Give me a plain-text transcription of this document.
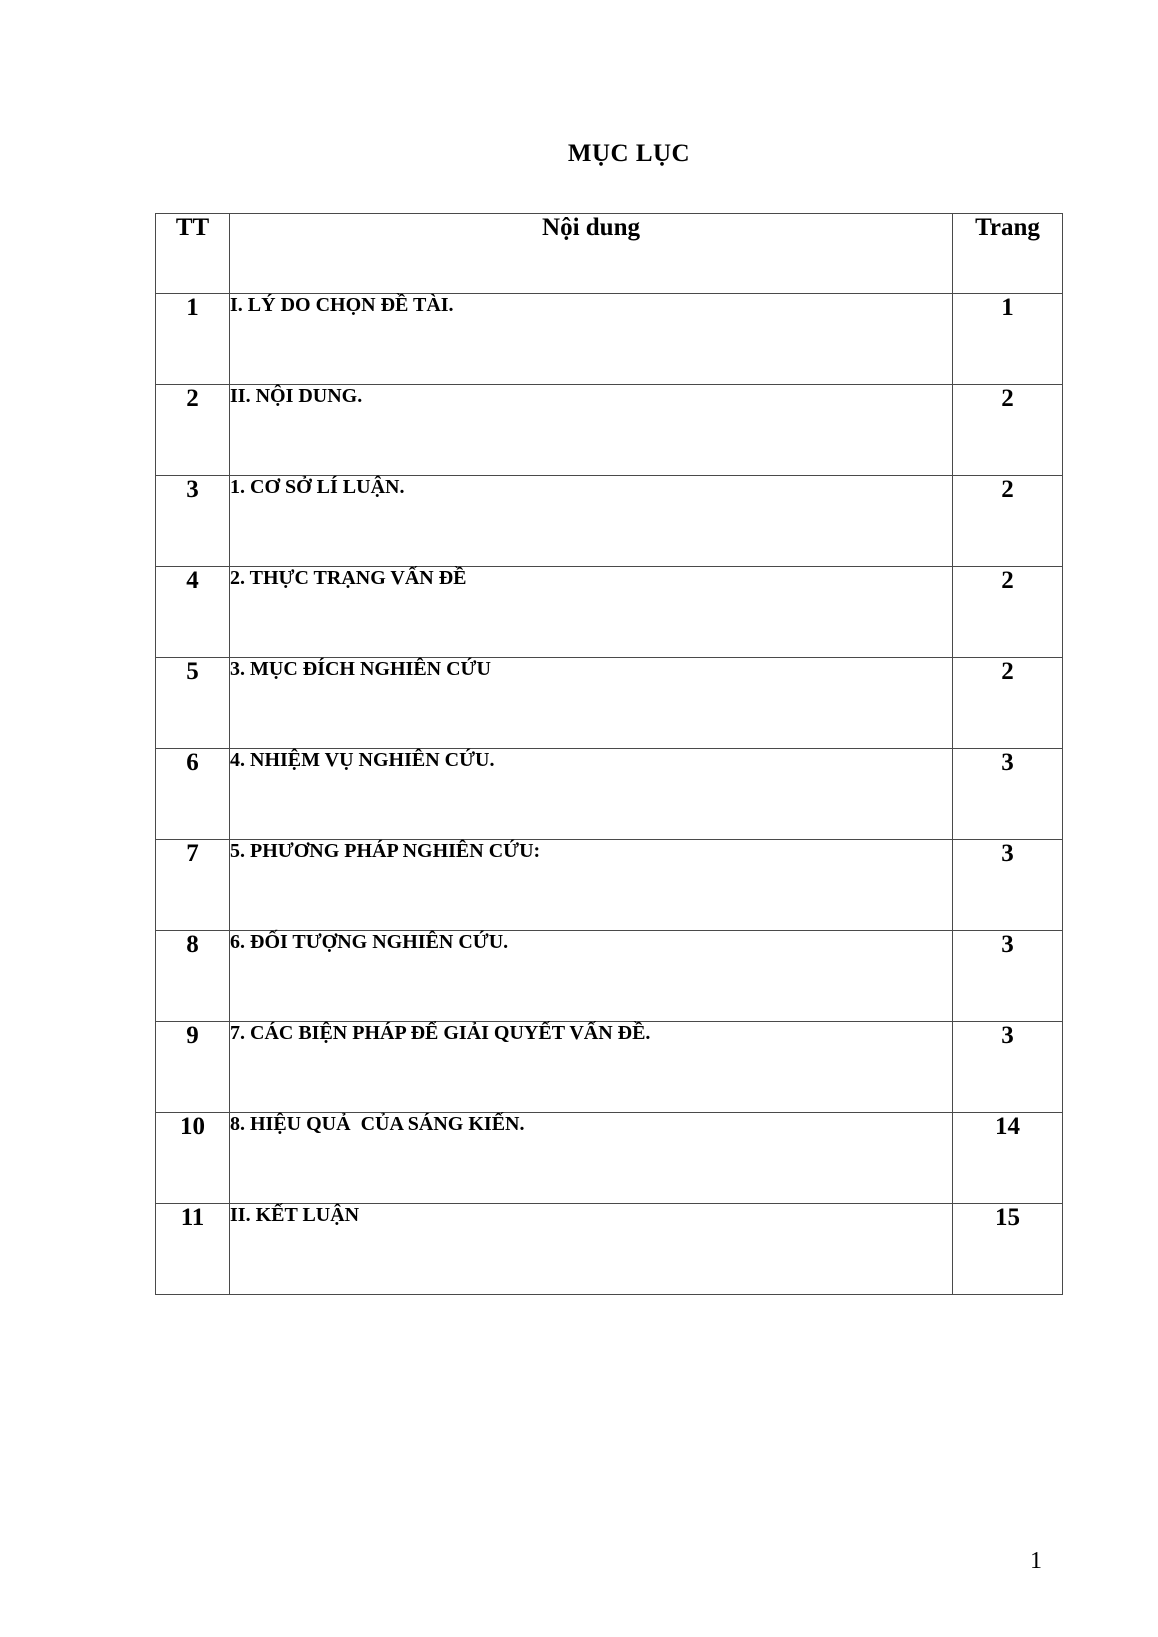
MỤC LỤC
TT	Nội dung	Trang
1	I. LÝ DO CHỌN ĐỀ TÀI.	1
2	II. NỘI DUNG.	2
3	1. CƠ SỞ LÍ LUẬN.	2
4	2. THỰC TRẠNG VẤN ĐỀ	2
5	3. MỤC ĐÍCH NGHIÊN CỨU	2
6	4. NHIỆM VỤ NGHIÊN CỨU.	3
7	5. PHƯƠNG PHÁP NGHIÊN CỨU:	3
8	6. ĐỐI TƯỢNG NGHIÊN CỨU.	3
9	7. CÁC BIỆN PHÁP ĐỂ GIẢI QUYẾT VẤN ĐỀ.	3
10	8. HIỆU QUẢ  CỦA SÁNG KIẾN.	14
11	II. KẾT LUẬN	15
1
